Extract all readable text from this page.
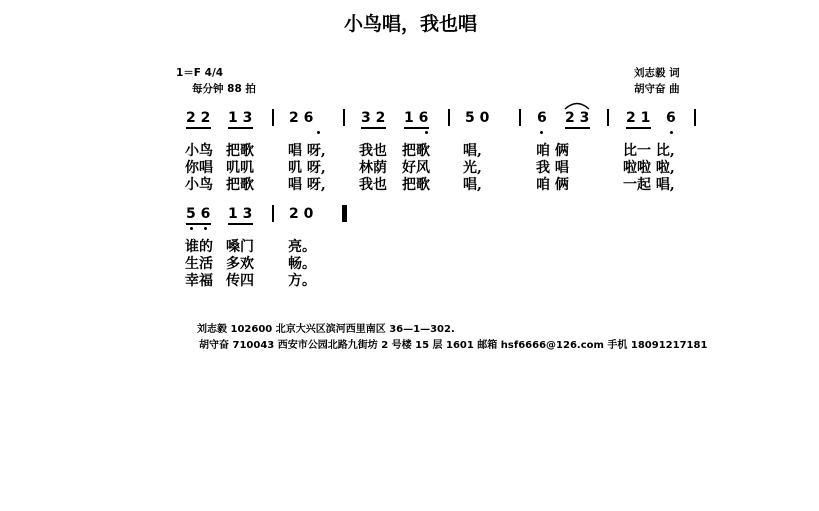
小鸟唱，我也唱
1＝F 4/4
每分钟 88 拍
刘志毅 词
胡守奋 曲
2 2 1 3	2 6	3 2 1 6	5 0	6 2 3	2 1 6
小鸟 把歌 唱 呀, 我也 把歌 唱,	咱 俩	比一 比,
你唱 叽叽 叽 呀, 林荫 好风 光,	我 唱	啦啦 啦,
小鸟 把歌 唱 呀, 我也 把歌 唱,	咱 俩	一起 唱,
5 6 1 3	2 0
谁的 嗓门 亮。
生活 多欢 畅。
幸福 传四 方。
刘志毅 102600 北京大兴区滨河西里南区 36—1—302.
胡守奋 710043 西安市公园北路九街坊 2 号楼 15 层 1601 邮箱 hsf6666@126.com 手机 18091217181
